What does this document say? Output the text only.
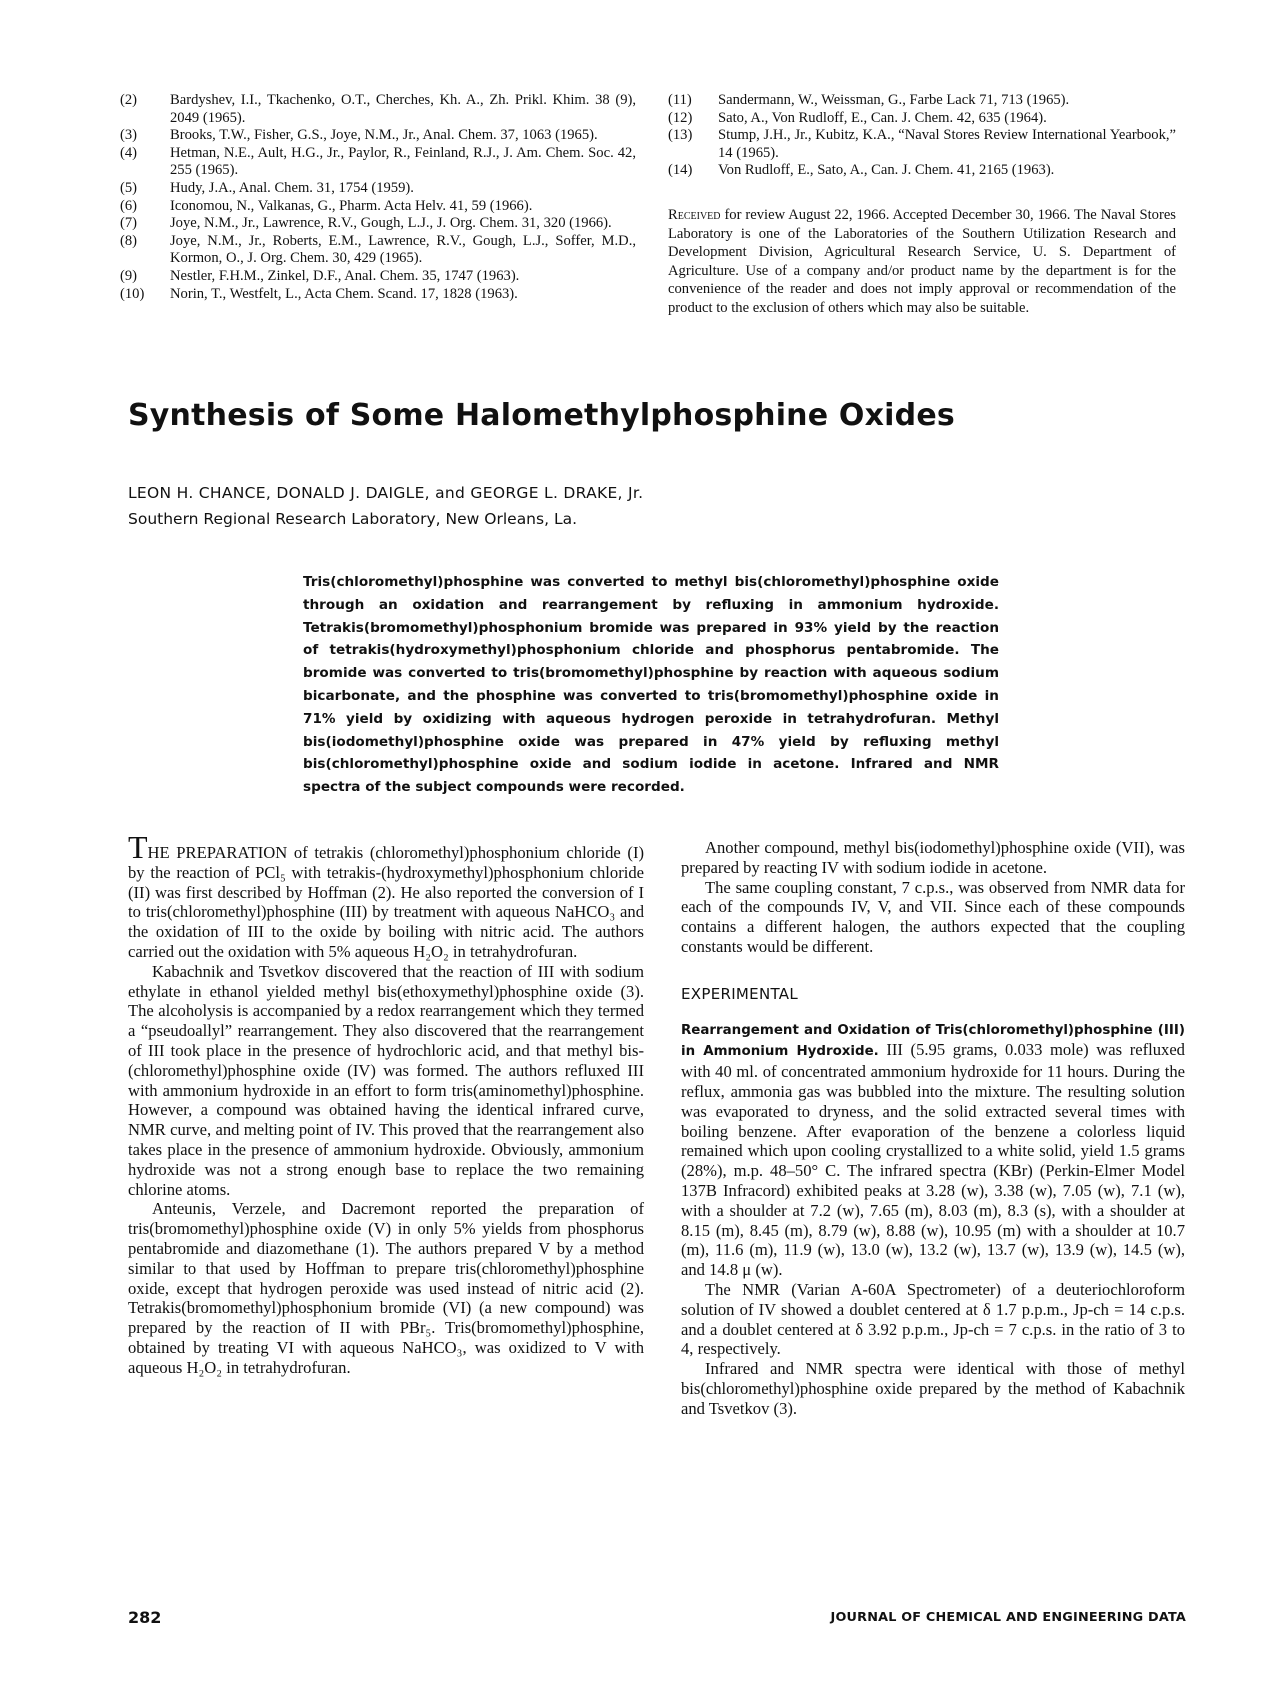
(2)	Bardyshev, I.I., Tkachenko, O.T., Cherches, Kh. A., Zh. Prikl. Khim. 38 (9), 2049 (1965).
(3)	Brooks, T.W., Fisher, G.S., Joye, N.M., Jr., Anal. Chem. 37, 1063 (1965).
(4)	Hetman, N.E., Ault, H.G., Jr., Paylor, R., Feinland, R.J., J. Am. Chem. Soc. 42, 255 (1965).
(5)	Hudy, J.A., Anal. Chem. 31, 1754 (1959).
(6)	Iconomou, N., Valkanas, G., Pharm. Acta Helv. 41, 59 (1966).
(7)	Joye, N.M., Jr., Lawrence, R.V., Gough, L.J., J. Org. Chem. 31, 320 (1966).
(8)	Joye, N.M., Jr., Roberts, E.M., Lawrence, R.V., Gough, L.J., Soffer, M.D., Kormon, O., J. Org. Chem. 30, 429 (1965).
(9)	Nestler, F.H.M., Zinkel, D.F., Anal. Chem. 35, 1747 (1963).
(10)	Norin, T., Westfelt, L., Acta Chem. Scand. 17, 1828 (1963).
(11)	Sandermann, W., Weissman, G., Farbe Lack 71, 713 (1965).
(12)	Sato, A., Von Rudloff, E., Can. J. Chem. 42, 635 (1964).
(13)	Stump, J.H., Jr., Kubitz, K.A., “Naval Stores Review International Yearbook,” 14 (1965).
(14)	Von Rudloff, E., Sato, A., Can. J. Chem. 41, 2165 (1963).
Received for review August 22, 1966. Accepted December 30, 1966. The Naval Stores Laboratory is one of the Laboratories of the Southern Utilization Research and Development Division, Agricultural Research Service, U. S. Department of Agriculture. Use of a company and/or product name by the department is for the convenience of the reader and does not imply approval or recommendation of the product to the exclusion of others which may also be suitable.
Synthesis of Some Halomethylphosphine Oxides
LEON H. CHANCE, DONALD J. DAIGLE, and GEORGE L. DRAKE, Jr.
Southern Regional Research Laboratory, New Orleans, La.
Tris(chloromethyl)phosphine was converted to methyl bis(chloromethyl)phosphine oxide through an oxidation and rearrangement by refluxing in ammonium hydroxide. Tetrakis(bromomethyl)phosphonium bromide was prepared in 93% yield by the reaction of tetrakis(hydroxymethyl)phosphonium chloride and phosphorus pentabromide. The bromide was converted to tris(bromomethyl)phosphine by reaction with aqueous sodium bicarbonate, and the phosphine was converted to tris(bromomethyl)phosphine oxide in 71% yield by oxidizing with aqueous hydrogen peroxide in tetrahydrofuran. Methyl bis(iodomethyl)phosphine oxide was prepared in 47% yield by refluxing methyl bis(chloromethyl)phosphine oxide and sodium iodide in acetone. Infrared and NMR spectra of the subject compounds were recorded.

THE PREPARATION of tetrakis (chloromethyl)phosphonium chloride (I) by the reaction of PCl₅ with tetrakis-(hydroxymethyl)phosphonium chloride (II) was first described by Hoffman (2). He also reported the conversion of I to tris(chloromethyl)phosphine (III) by treatment with aqueous NaHCO₃ and the oxidation of III to the oxide by boiling with nitric acid. The authors carried out the oxidation with 5% aqueous H₂O₂ in tetrahydrofuran.

Kabachnik and Tsvetkov discovered that the reaction of III with sodium ethylate in ethanol yielded methyl bis(ethoxymethyl)phosphine oxide (3). The alcoholysis is accompanied by a redox rearrangement which they termed a “pseudoallyl” rearrangement. They also discovered that the rearrangement of III took place in the presence of hydrochloric acid, and that methyl bis-(chloromethyl)phosphine oxide (IV) was formed. The authors refluxed III with ammonium hydroxide in an effort to form tris(aminomethyl)phosphine. However, a compound was obtained having the identical infrared curve, NMR curve, and melting point of IV. This proved that the rearrangement also takes place in the presence of ammonium hydroxide. Obviously, ammonium hydroxide was not a strong enough base to replace the two remaining chlorine atoms.

Anteunis, Verzele, and Dacremont reported the preparation of tris(bromomethyl)phosphine oxide (V) in only 5% yields from phosphorus pentabromide and diazomethane (1). The authors prepared V by a method similar to that used by Hoffman to prepare tris(chloromethyl)phosphine oxide, except that hydrogen peroxide was used instead of nitric acid (2). Tetrakis(bromomethyl)phosphonium bromide (VI) (a new compound) was prepared by the reaction of II with PBr₅. Tris(bromomethyl)phosphine, obtained by treating VI with aqueous NaHCO₃, was oxidized to V with aqueous H₂O₂ in tetrahydrofuran.

Another compound, methyl bis(iodomethyl)phosphine oxide (VII), was prepared by reacting IV with sodium iodide in acetone.

The same coupling constant, 7 c.p.s., was observed from NMR data for each of the compounds IV, V, and VII. Since each of these compounds contains a different halogen, the authors expected that the coupling constants would be different.

EXPERIMENTAL

Rearrangement and Oxidation of Tris(chloromethyl)phosphine (III) in Ammonium Hydroxide. III (5.95 grams, 0.033 mole) was refluxed with 40 ml. of concentrated ammonium hydroxide for 11 hours. During the reflux, ammonia gas was bubbled into the mixture. The resulting solution was evaporated to dryness, and the solid extracted several times with boiling benzene. After evaporation of the benzene a colorless liquid remained which upon cooling crystallized to a white solid, yield 1.5 grams (28%), m.p. 48–50° C. The infrared spectra (KBr) (Perkin-Elmer Model 137B Infracord) exhibited peaks at 3.28 (w), 3.38 (w), 7.05 (w), 7.1 (w), with a shoulder at 7.2 (w), 7.65 (m), 8.03 (m), 8.3 (s), with a shoulder at 8.15 (m), 8.45 (m), 8.79 (w), 8.88 (w), 10.95 (m) with a shoulder at 10.7 (m), 11.6 (m), 11.9 (w), 13.0 (w), 13.2 (w), 13.7 (w), 13.9 (w), 14.5 (w), and 14.8 μ (w).

The NMR (Varian A-60A Spectrometer) of a deuteriochloroform solution of IV showed a doublet centered at δ 1.7 p.p.m., Jp-ch = 14 c.p.s. and a doublet centered at δ 3.92 p.p.m., Jp-ch = 7 c.p.s. in the ratio of 3 to 4, respectively.

Infrared and NMR spectra were identical with those of methyl bis(chloromethyl)phosphine oxide prepared by the method of Kabachnik and Tsvetkov (3).

282	JOURNAL OF CHEMICAL AND ENGINEERING DATA
